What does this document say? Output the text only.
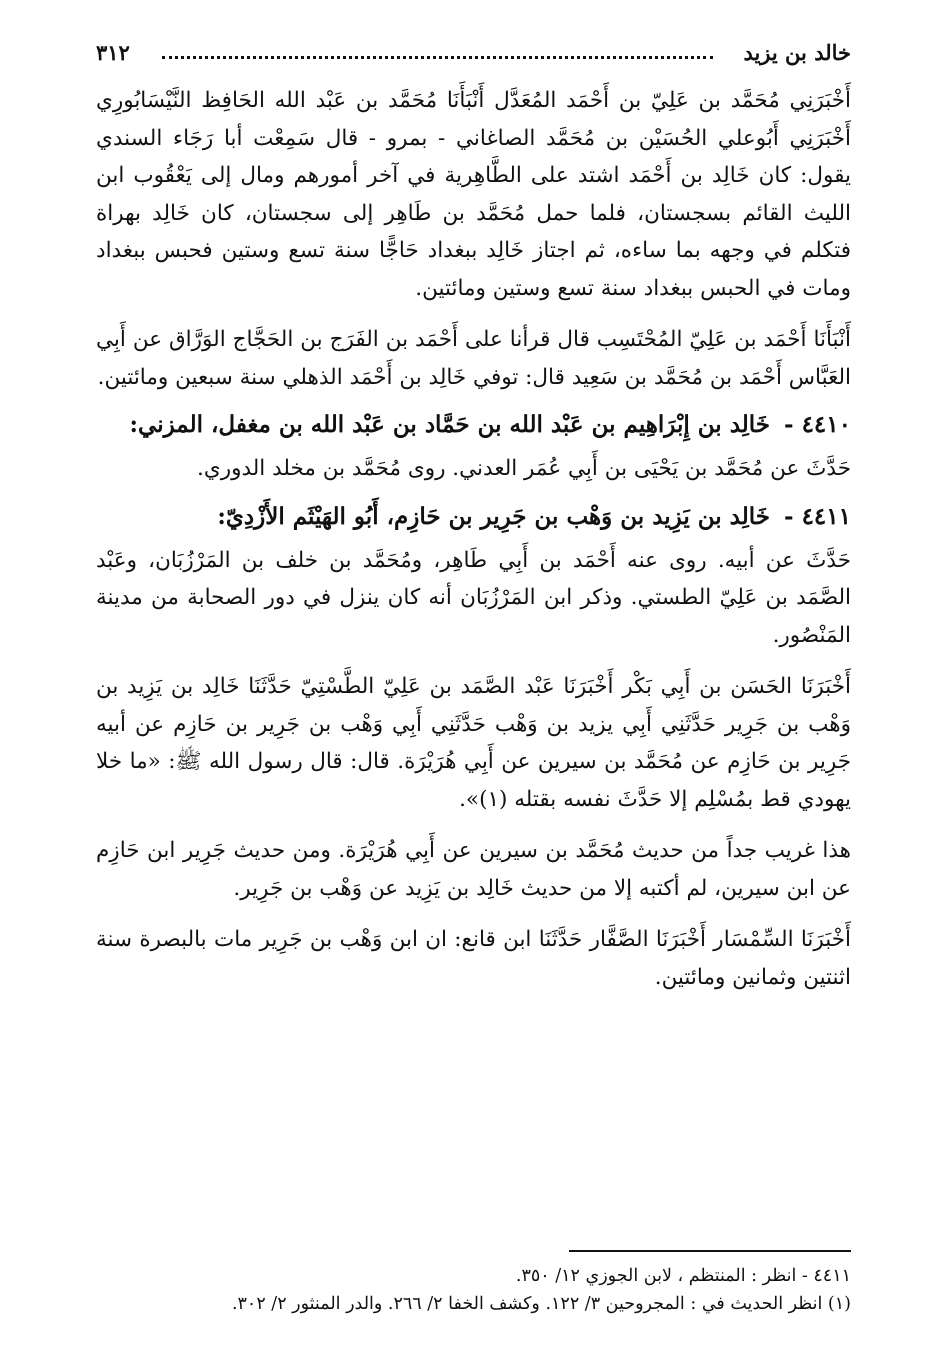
خالد بن يزيد
٣١٢

أَخْبَرَنِي مُحَمَّد بن عَلِيّ بن أَحْمَد المُعَدَّل أَنْبَأَنَا مُحَمَّد بن عَبْد الله الحَافِظ النَّيْسَابُورِي أَخْبَرَنِي أَبُوعلي الحُسَيْن بن مُحَمَّد الصاغاني - بمرو - قال سَمِعْت أبا رَجَاء السندي يقول: كان خَالِد بن أَحْمَد اشتد على الطَّاهِرية في آخر أمورهم ومال إلى يَعْقُوب ابن الليث القائم بسجستان، فلما حمل مُحَمَّد بن طَاهِر إلى سجستان، كان خَالِد بهراة فتكلم في وجهه بما ساءه، ثم اجتاز خَالِد ببغداد حَاجًّا سنة تسع وستين فحبس ببغداد ومات في الحبس ببغداد سنة تسع وستين ومائتين.

أَنْبَأَنَا أَحْمَد بن عَلِيّ المُحْتَسِب قال قرأنا على أَحْمَد بن الفَرَج بن الحَجَّاج الوَرَّاق عن أَبِي العَبَّاس أَحْمَد بن مُحَمَّد بن سَعِيد قال: توفي خَالِد بن أَحْمَد الذهلي سنة سبعين ومائتين.

٤٤١٠ - خَالِد بن إِبْرَاهِيم بن عَبْد الله بن حَمَّاد بن عَبْد الله بن مغفل، المزني:

حَدَّثَ عن مُحَمَّد بن يَحْيَى بن أَبِي عُمَر العدني. روى مُحَمَّد بن مخلد الدوري.

٤٤١١ - خَالِد بن يَزِيد بن وَهْب بن جَرِير بن حَازِم، أَبُو الهَيْثَم الأَزْدِيّ:

حَدَّثَ عن أبيه. روى عنه أَحْمَد بن أَبِي طَاهِر، ومُحَمَّد بن خلف بن المَرْزُبَان، وعَبْد الصَّمَد بن عَلِيّ الطستي. وذكر ابن المَرْزُبَان أنه كان ينزل في دور الصحابة من مدينة المَنْصُور.

أَخْبَرَنَا الحَسَن بن أَبِي بَكْر أَخْبَرَنَا عَبْد الصَّمَد بن عَلِيّ الطَّسْتِيّ حَدَّثَنَا خَالِد بن يَزِيد بن وَهْب بن جَرِير حَدَّثَنِي أَبِي يزيد بن وَهْب حَدَّثَنِي أَبِي وَهْب بن جَرِير بن حَازِم عن أبيه جَرِير بن حَازِم عن مُحَمَّد بن سيرين عن أَبِي هُرَيْرَة. قال: قال رسول الله ﷺ: «ما خلا يهودي قط بمُسْلِم إلا حَدَّثَ نفسه بقتله (١)».

هذا غريب جداً من حديث مُحَمَّد بن سيرين عن أَبِي هُرَيْرَة. ومن حديث جَرِير ابن حَازِم عن ابن سيرين، لم أكتبه إلا من حديث خَالِد بن يَزِيد عن وَهْب بن جَرِير.

أَخْبَرَنَا السِّمْسَار أَخْبَرَنَا الصَّفَّار حَدَّثَنَا ابن قانع: ان ابن وَهْب بن جَرِير مات بالبصرة سنة اثنتين وثمانين ومائتين.

٤٤١١ - انظر : المنتظم ، لابن الجوزي ١٢/ ٣٥٠.
(١) انظر الحديث في : المجروحين ٣/ ١٢٢. وكشف الخفا ٢/ ٢٦٦. والدر المنثور ٢/ ٣٠٢.
